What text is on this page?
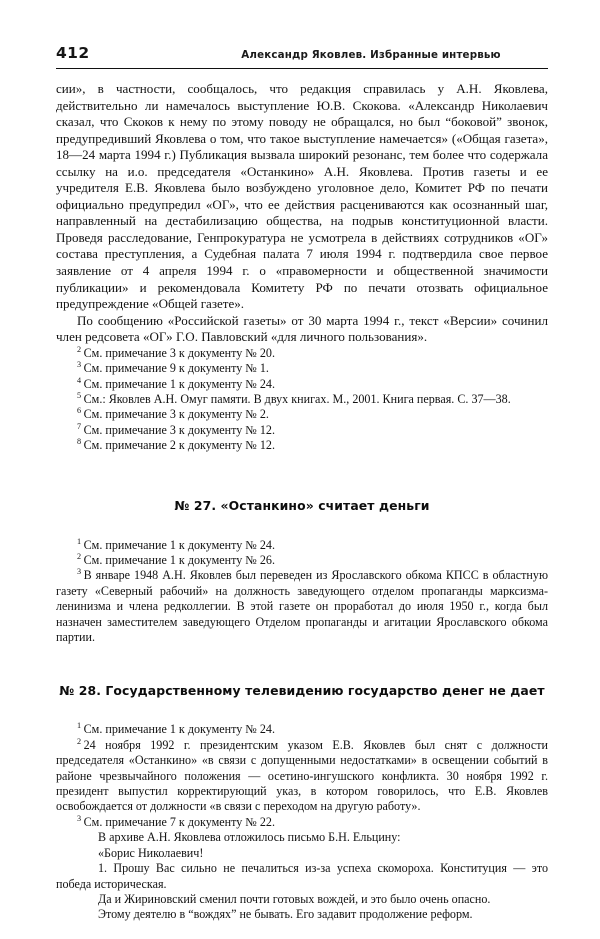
412	Александр Яковлев. Избранные интервью

сии», в частности, сообщалось, что редакция справилась у А.Н. Яковлева, действительно ли намечалось выступление Ю.В. Скокова. «Александр Николаевич сказал, что Скоков к нему по этому поводу не обращался, но был “боковой” звонок, предупредивший Яковлева о том, что такое выступление намечается» («Общая газета», 18—24 марта 1994 г.) Публикация вызвала широкий резонанс, тем более что содержала ссылку на и.о. председателя «Останкино» А.Н. Яковлева. Против газеты и ее учредителя Е.В. Яковлева было возбуждено уголовное дело, Комитет РФ по печати официально предупредил «ОГ», что ее действия расцениваются как осознанный шаг, направленный на дестабилизацию общества, на подрыв конституционной власти. Проведя расследование, Генпрокуратура не усмотрела в действиях сотрудников «ОГ» состава преступления, а Судебная палата 7 июля 1994 г. подтвердила свое первое заявление от 4 апреля 1994 г. о «правомерности и общественной значимости публикации» и рекомендовала Комитету РФ по печати отозвать официальное предупреждение «Общей газете».

По сообщению «Российской газеты» от 30 марта 1994 г., текст «Версии» сочинил член редсовета «ОГ» Г.О. Павловский «для личного пользования».

$^2$ См. примечание 3 к документу № 20.

$^3$ См. примечание 9 к документу № 1.

$^4$ См. примечание 1 к документу № 24.

$^5$ См.: Яковлев А.Н. Омуг памяти. В двух книгах. М., 2001. Книга первая. С. 37—38.

$^6$ См. примечание 3 к документу № 2.

$^7$ См. примечание 3 к документу № 12.

$^8$ См. примечание 2 к документу № 12.

№ 27. «Останкино» считает деньги

$^1$ См. примечание 1 к документу № 24.

$^2$ См. примечание 1 к документу № 26.

$^3$ В январе 1948 А.Н. Яковлев был переведен из Ярославского обкома КПСС в областную газету «Северный рабочий» на должность заведующего отделом пропаганды марксизма-ленинизма и члена редколлегии. В этой газете он проработал до июля 1950 г., когда был назначен заместителем заведующего Отделом пропаганды и агитации Ярославского обкома партии.

№ 28. Государственному телевидению государство денег не дает

$^1$ См. примечание 1 к документу № 24.

$^2$ 24 ноября 1992 г. президентским указом Е.В. Яковлев был снят с должности председателя «Останкино» «в связи с допущенными недостатками» в освещении событий в районе чрезвычайного положения — осетино-ингушского конфликта. 30 ноября 1992 г. президент выпустил корректирующий указ, в котором говорилось, что Е.В. Яковлев освобождается от должности «в связи с переходом на другую работу».

$^3$ См. примечание 7 к документу № 22.

В архиве А.Н. Яковлева отложилось письмо Б.Н. Ельцину:

«Борис Николаевич!

1. Прошу Вас сильно не печалиться из-за успеха скомороха. Конституция — это победа историческая.

Да и Жириновский сменил почти готовых вождей, и это было очень опасно.

Этому деятелю в “вождях” не бывать. Его задавит продолжение реформ.
